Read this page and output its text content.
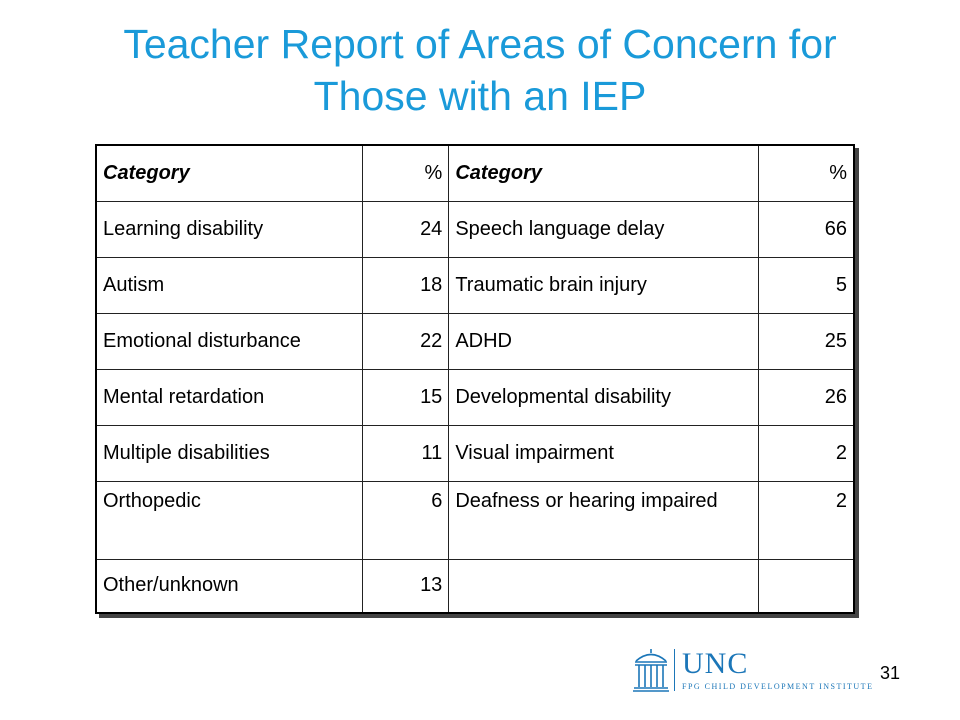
Teacher Report of Areas of Concern for
Those with an IEP
Category	%	Category	%
Learning disability	24	Speech language delay	66
Autism	18	Traumatic brain injury	5
Emotional disturbance	22	ADHD	25
Mental retardation	15	Developmental disability	26
Multiple disabilities	11	Visual impairment	2
Orthopedic	6	Deafness or hearing impaired	2
Other/unknown	13		
UNC
FPG CHILD DEVELOPMENT INSTITUTE
31
